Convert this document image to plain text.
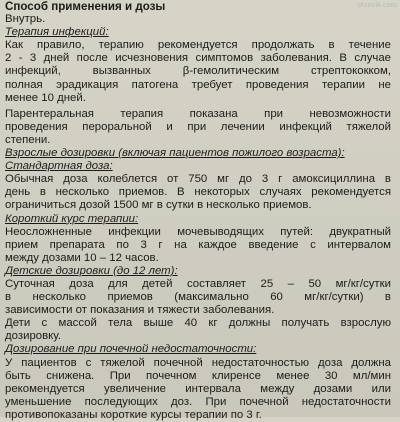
otzovik.com
Способ применения и дозы
Внутрь.
Терапия инфекций:
Как правило, терапию рекомендуется продолжать в течение
2 - 3 дней после исчезновения симптомов заболевания. В случае
инфекций, вызванных β-гемолитическим стрептококком,
полная эрадикация патогена требует проведения терапии не
менее 10 дней.
Парентеральная терапия показана при невозможности
проведения пероральной и при лечении инфекций тяжелой
степени.
Взрослые дозировки (включая пациентов пожилого возраста):
Стандартная доза:
Обычная доза колеблется от 750 мг до 3 г амоксициллина в
день в несколько приемов. В некоторых случаях рекомендуется
ограничиться дозой 1500 мг в сутки в несколько приемов.
Короткий курс терапии:
Неосложненные инфекции мочевыводящих путей: двукратный
прием препарата по 3 г на каждое введение с интервалом
между дозами 10 – 12 часов.
Детские дозировки (до 12 лет):
Суточная доза для детей составляет 25 – 50 мг/кг/сутки
в несколько приемов (максимально 60 мг/кг/сутки) в
зависимости от показания и тяжести заболевания.
Дети с массой тела выше 40 кг должны получать взрослую
дозировку.
Дозирование при почечной недостаточности:
У пациентов с тяжелой почечной недостаточностью доза должна
быть снижена. При почечном клиренсе менее 30 мл/мин
рекомендуется увеличение интервала между дозами или
уменьшение последующих доз. При почечной недостаточности
противопоказаны короткие курсы терапии по 3 г.
